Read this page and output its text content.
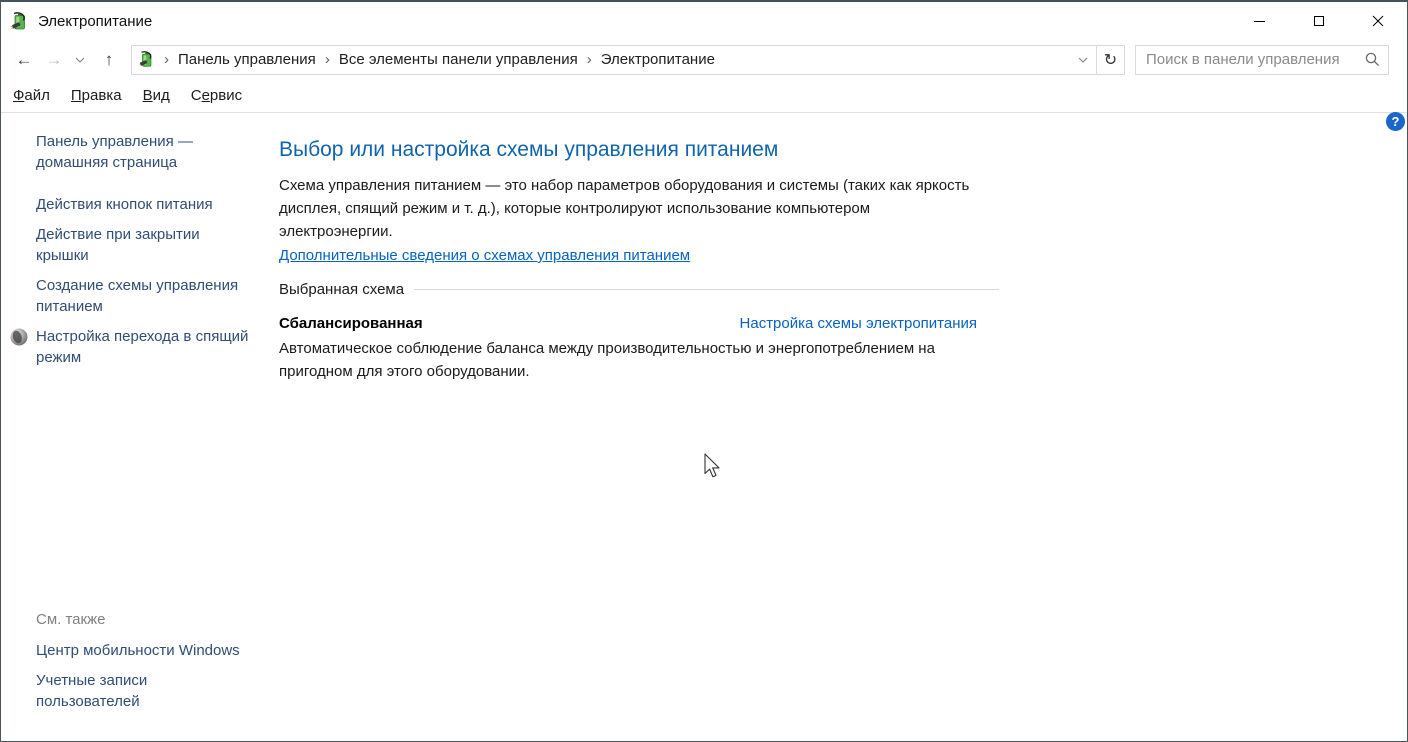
Электропитание
← →	↑	› Панель управления › Все элементы панели управления › Электропитание	↻
Поиск в панели управления
Файл Правка Вид Сервис
Панель управления — домашняя страница
Действия кнопок питания
Действие при закрытии крышки
Создание схемы управления питанием
Настройка перехода в спящий режим
См. также
Центр мобильности Windows
Учетные записи пользователей
Выбор или настройка схемы управления питанием
Схема управления питанием — это набор параметров оборудования и системы (таких как яркость дисплея, спящий режим и т. д.), которые контролируют использование компьютером электроэнергии.
Дополнительные сведения о схемах управления питанием
Выбранная схема
Сбалансированная	Настройка схемы электропитания
Автоматическое соблюдение баланса между производительностью и энергопотреблением на пригодном для этого оборудовании.
?
